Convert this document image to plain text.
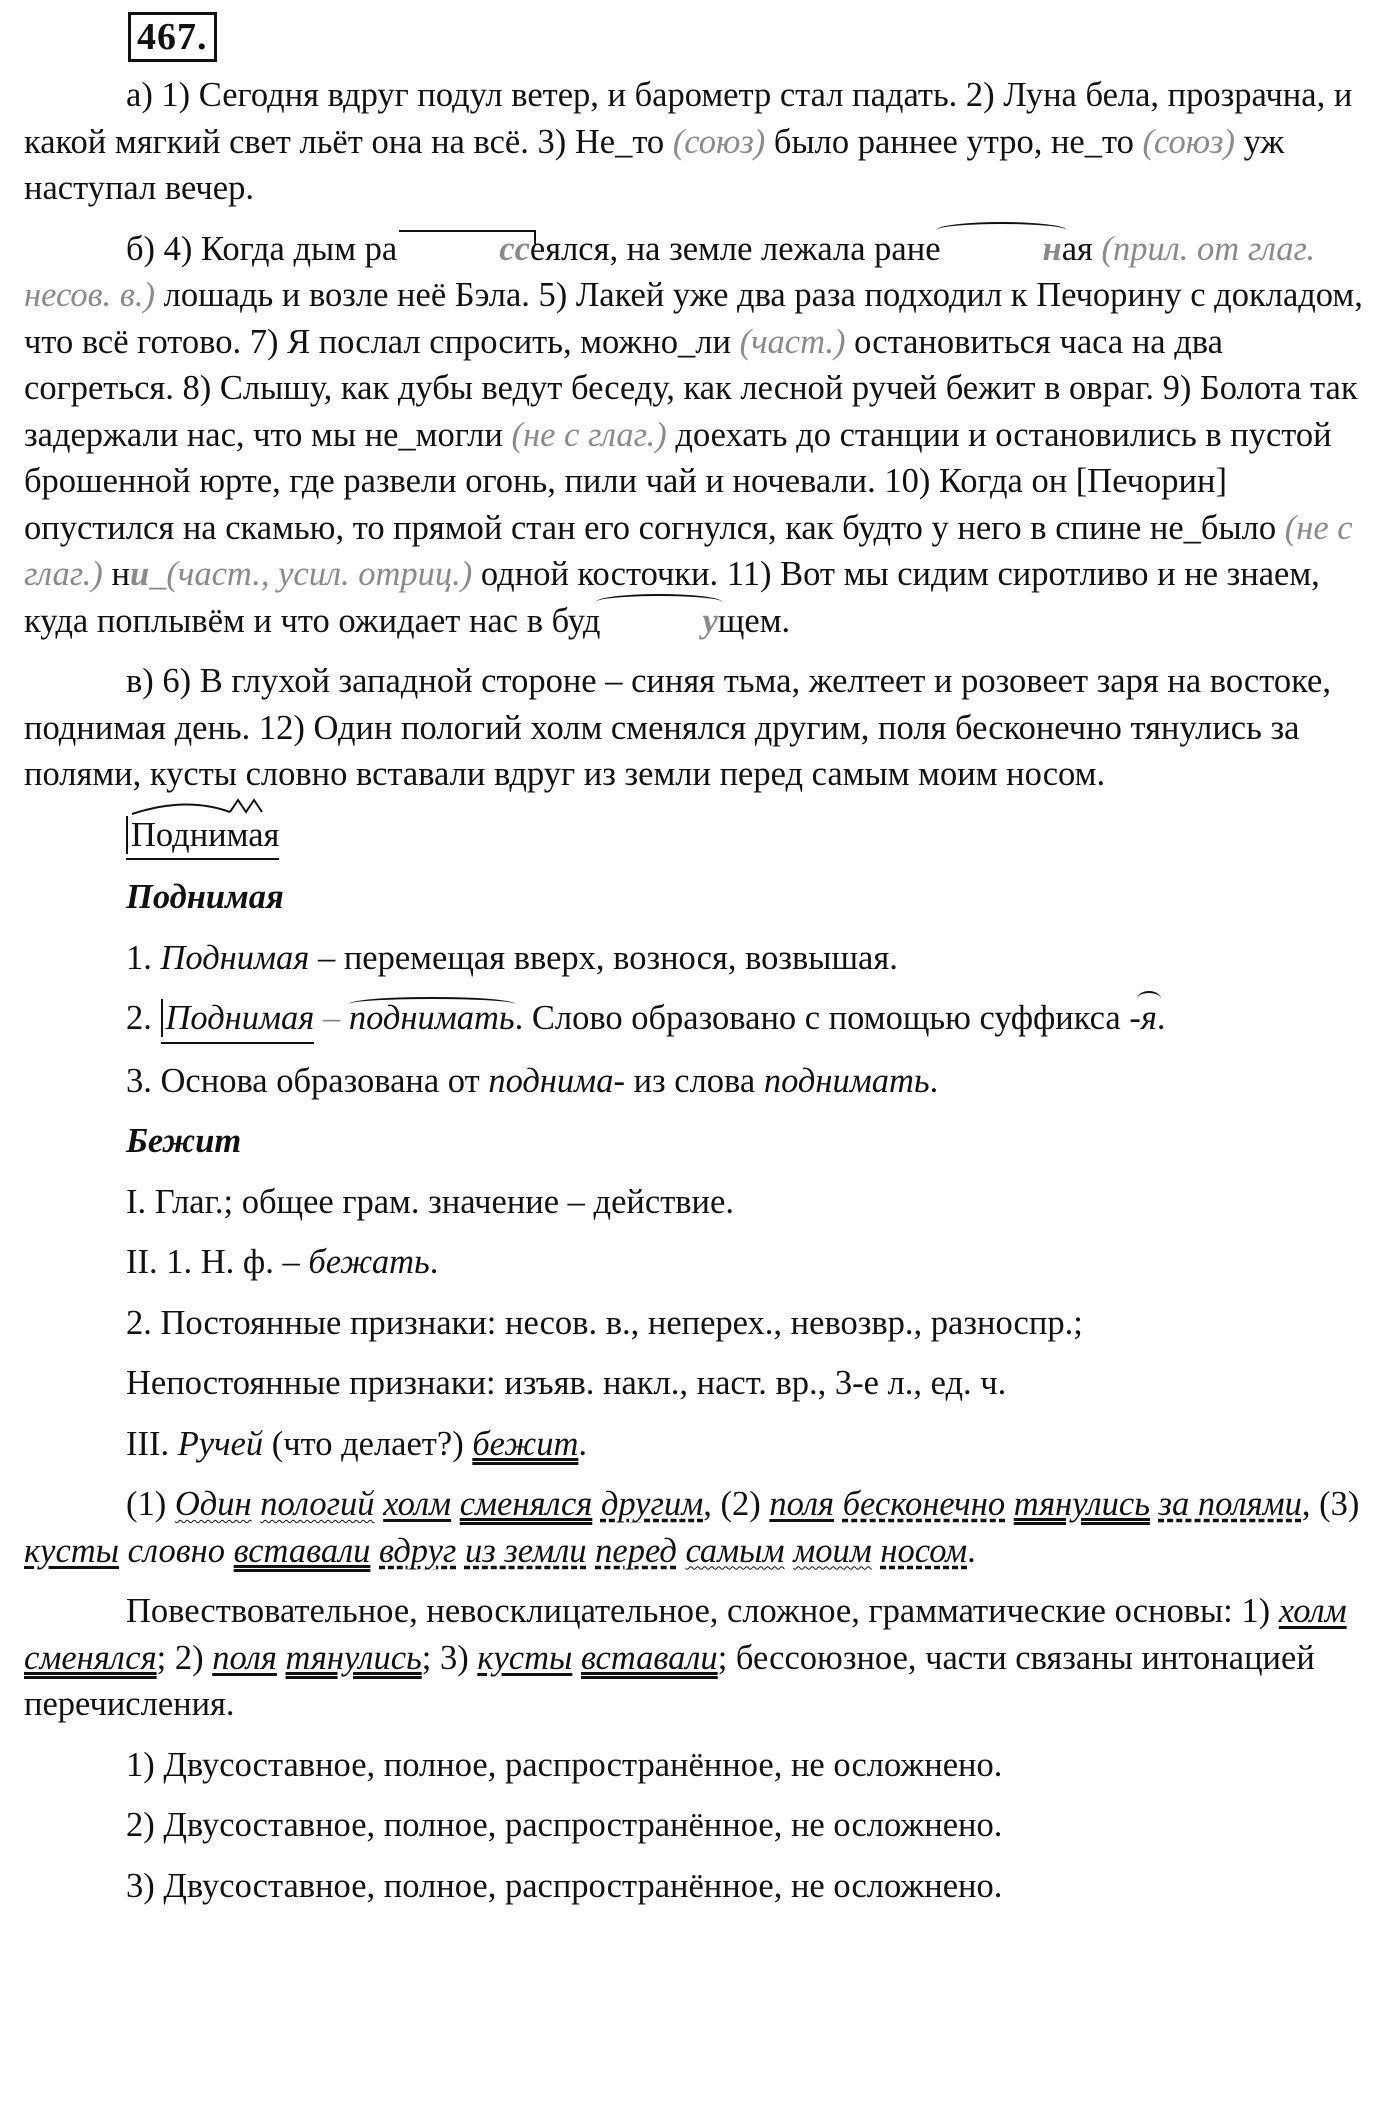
467.

а) 1) Сегодня вдруг подул ветер, и барометр стал падать. 2) Луна бела, прозрачна, и какой мягкий свет льёт она на всё. 3) Не_то (союз) было раннее утро, не_то (союз) уж наступал вечер.

б) 4) Когда дым ра	ссеялся, на земле лежала ране	ная (прил. от глаг. несов. в.) лошадь и возле неё Бэла. 5) Лакей уже два раза подходил к Печорину с докладом, что всё готово. 7) Я послал спросить, можно_ли (част.) остановиться часа на два согреться. 8) Слышу, как дубы ведут беседу, как лесной ручей бежит в овраг. 9) Болота так задержали нас, что мы не_могли (не с глаг.) доехать до станции и остановились в пустой брошенной юрте, где развели огонь, пили чай и ночевали. 10) Когда он [Печорин] опустился на скамью, то прямой стан его согнулся, как будто у него в спине не_было (не с глаг.) ни_(част., усил. отриц.) одной косточки. 11) Вот мы сидим сиротливо и не знаем, куда поплывём и что ожидает нас в буд	ущем.

в) 6) В глухой западной стороне – синяя тьма, желтеет и розовеет заря на востоке, поднимая день. 12) Один пологий холм сменялся другим, поля бесконечно тянулись за полями, кусты словно вставали вдруг из земли перед самым моим носом.

Поднимая

Поднимая

1. Поднимая – перемещая вверх, вознося, возвышая.

2. Поднимая – поднимать. Слово образовано с помощью суффикса -я.

3. Основа образована от поднима- из слова поднимать.

Бежит

I. Глаг.; общее грам. значение – действие.

II. 1. Н. ф. – бежать.

2. Постоянные признаки: несов. в., неперех., невозвр., разноспр.;

Непостоянные признаки: изъяв. накл., наст. вр., 3-е л., ед. ч.

III. Ручей (что делает?) бежит.

(1) Один пологий холм сменялся другим, (2) поля бесконечно тянулись за полями, (3) кусты словно вставали вдруг из земли перед самым моим носом.

Повествовательное, невосклицательное, сложное, грамматические основы: 1) холм сменялся; 2) поля тянулись; 3) кусты вставали; бессоюзное, части связаны интонацией перечисления.

1) Двусоставное, полное, распространённое, не осложнено.

2) Двусоставное, полное, распространённое, не осложнено.

3) Двусоставное, полное, распространённое, не осложнено.
